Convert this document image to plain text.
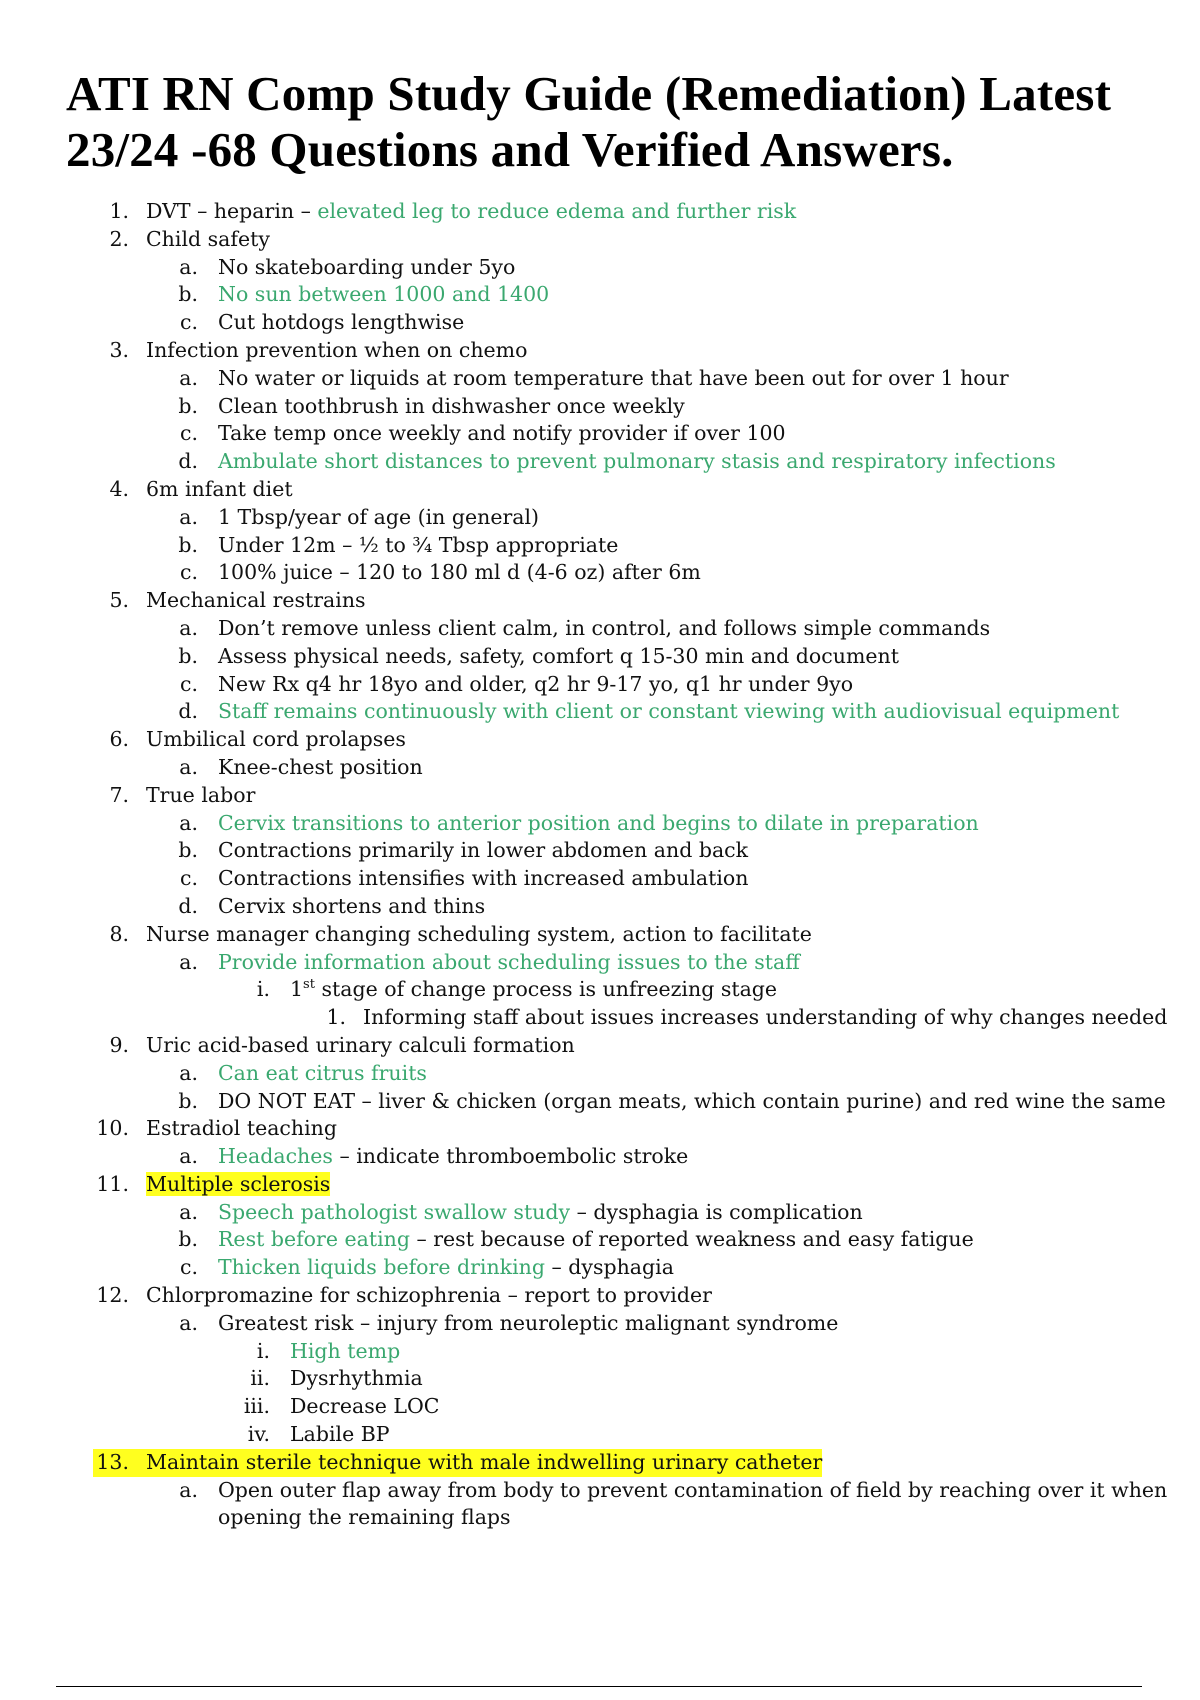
ATI RN Comp Study Guide (Remediation) Latest
23/24 -68 Questions and Verified Answers.
1. DVT – heparin – elevated leg to reduce edema and further risk
2. Child safety
a. No skateboarding under 5yo
b. No sun between 1000 and 1400
c. Cut hotdogs lengthwise
3. Infection prevention when on chemo
a. No water or liquids at room temperature that have been out for over 1 hour
b. Clean toothbrush in dishwasher once weekly
c. Take temp once weekly and notify provider if over 100
d. Ambulate short distances to prevent pulmonary stasis and respiratory infections
4. 6m infant diet
a. 1 Tbsp/year of age (in general)
b. Under 12m – ½ to ¾ Tbsp appropriate
c. 100% juice – 120 to 180 ml d (4-6 oz) after 6m
5. Mechanical restrains
a. Don’t remove unless client calm, in control, and follows simple commands
b. Assess physical needs, safety, comfort q 15-30 min and document
c. New Rx q4 hr 18yo and older, q2 hr 9-17 yo, q1 hr under 9yo
d. Staff remains continuously with client or constant viewing with audiovisual equipment
6. Umbilical cord prolapses
a. Knee-chest position
7. True labor
a. Cervix transitions to anterior position and begins to dilate in preparation
b. Contractions primarily in lower abdomen and back
c. Contractions intensifies with increased ambulation
d. Cervix shortens and thins
8. Nurse manager changing scheduling system, action to facilitate
a. Provide information about scheduling issues to the staff
i. 1st stage of change process is unfreezing stage
1. Informing staff about issues increases understanding of why changes needed
9. Uric acid-based urinary calculi formation
a. Can eat citrus fruits
b. DO NOT EAT – liver & chicken (organ meats, which contain purine) and red wine the same
10. Estradiol teaching
a. Headaches – indicate thromboembolic stroke
11. Multiple sclerosis
a. Speech pathologist swallow study – dysphagia is complication
b. Rest before eating – rest because of reported weakness and easy fatigue
c. Thicken liquids before drinking – dysphagia
12. Chlorpromazine for schizophrenia – report to provider
a. Greatest risk – injury from neuroleptic malignant syndrome
i. High temp
ii. Dysrhythmia
iii. Decrease LOC
iv. Labile BP
13. Maintain sterile technique with male indwelling urinary catheter
a. Open outer flap away from body to prevent contamination of field by reaching over it when
opening the remaining flaps
